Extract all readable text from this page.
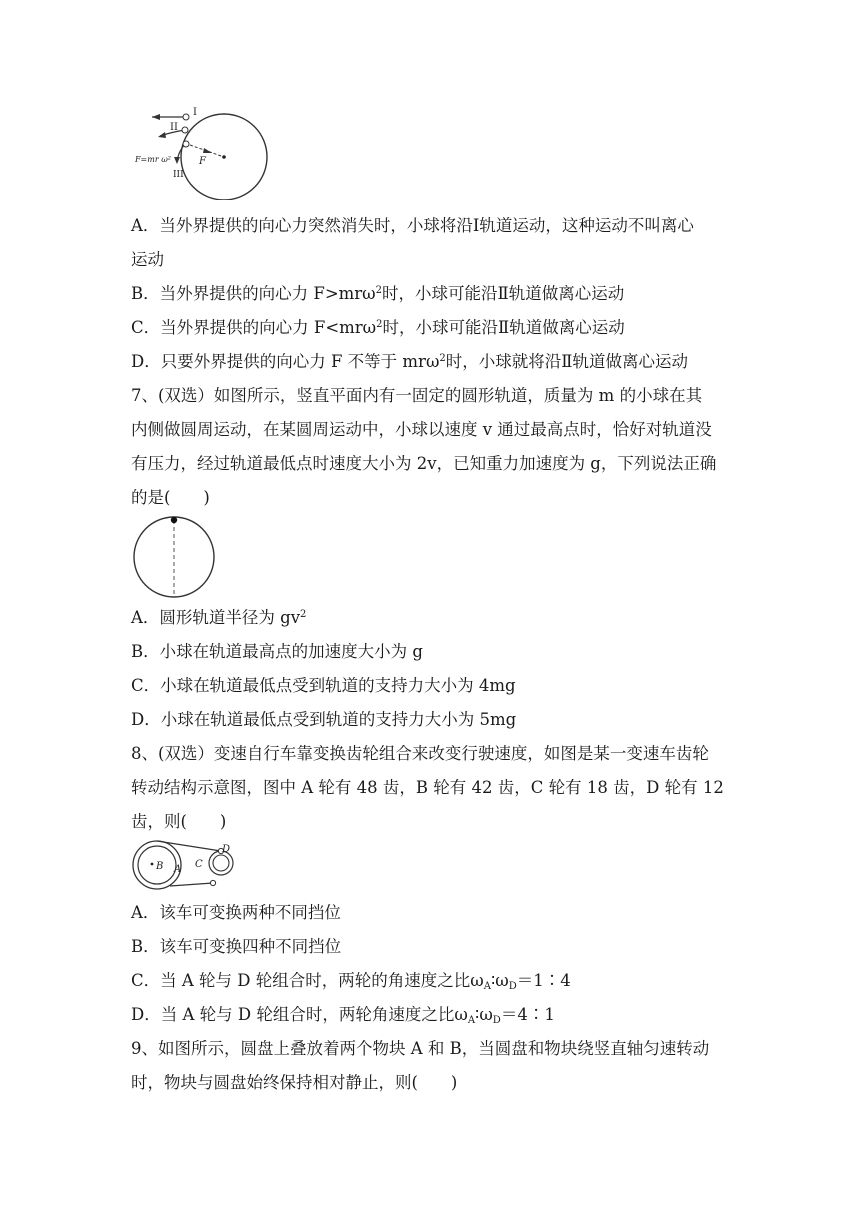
I
II
III
F
F=mr ω²
A．当外界提供的向心力突然消失时，小球将沿Ⅰ轨道运动，这种运动不叫离心
运动
B．当外界提供的向心力 F>mrω$^2$时，小球可能沿Ⅱ轨道做离心运动
C．当外界提供的向心力 F<mrω$^2$时，小球可能沿Ⅱ轨道做离心运动
D．只要外界提供的向心力 F 不等于 mrω$^2$时，小球就将沿Ⅱ轨道做离心运动
7、(双选）如图所示，竖直平面内有一固定的圆形轨道，质量为 m 的小球在其
内侧做圆周运动，在某圆周运动中，小球以速度 v 通过最高点时，恰好对轨道没
有压力，经过轨道最低点时速度大小为 2v，已知重力加速度为 g，下列说法正确
的是(　　)
A．圆形轨道半径为 $gv^2$
B．小球在轨道最高点的加速度大小为 g
C．小球在轨道最低点受到轨道的支持力大小为 4mg
D．小球在轨道最低点受到轨道的支持力大小为 5mg
8、(双选）变速自行车靠变换齿轮组合来改变行驶速度，如图是某一变速车齿轮
转动结构示意图，图中 A 轮有 48 齿，B 轮有 42 齿，C 轮有 18 齿，D 轮有 12
齿，则(　　)
B A C
D
A．该车可变换两种不同挡位
B．该车可变换四种不同挡位
C．当 A 轮与 D 轮组合时，两轮的角速度之比$\omega_A∶\omega_D=1∶4$
D．当 A 轮与 D 轮组合时，两轮角速度之比$\omega_A∶\omega_D=4∶1$
9、如图所示，圆盘上叠放着两个物块 A 和 B，当圆盘和物块绕竖直轴匀速转动
时，物块与圆盘始终保持相对静止，则(　　)
